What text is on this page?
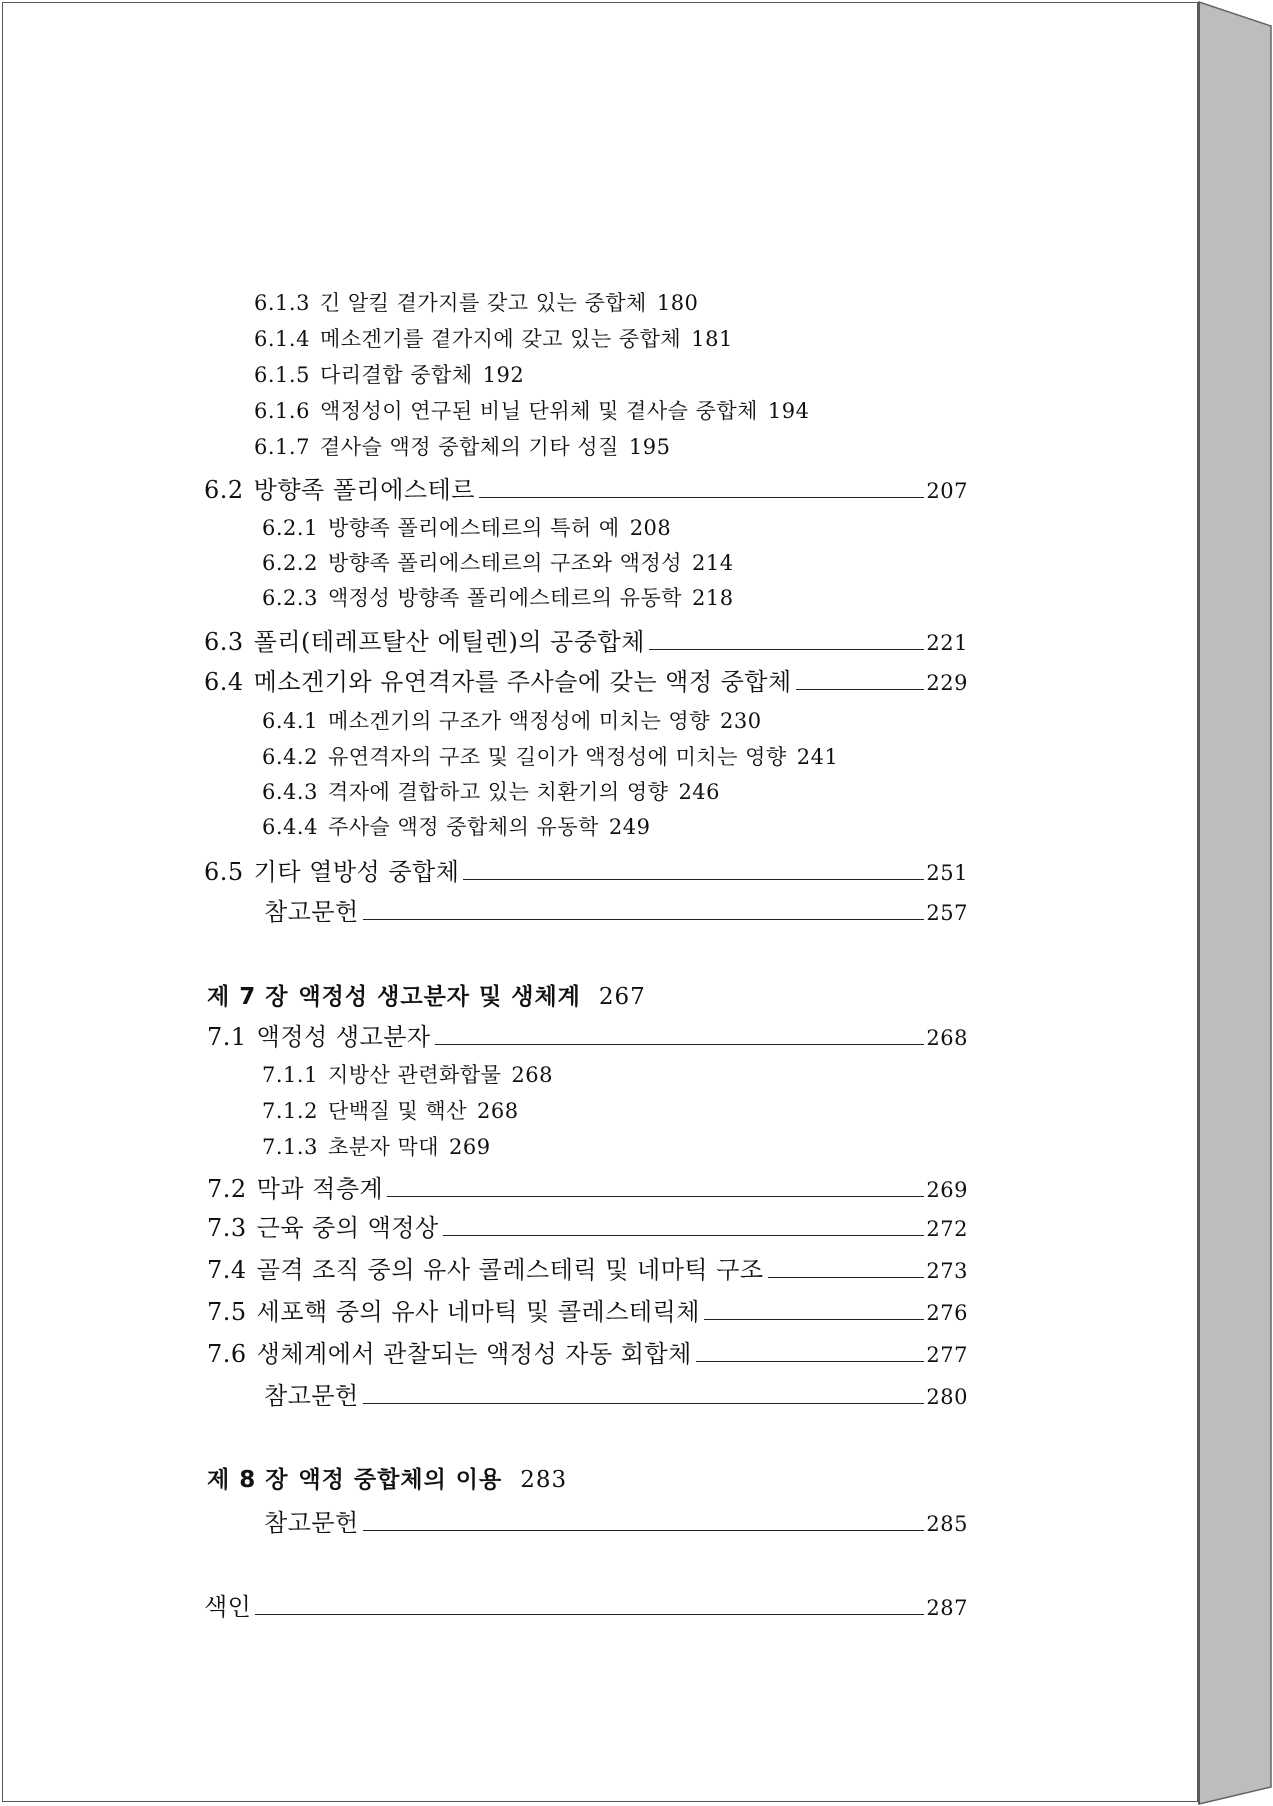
6.1.3 긴 알킬 곁가지를 갖고 있는 중합체 180
6.1.4 메소겐기를 곁가지에 갖고 있는 중합체 181
6.1.5 다리결합 중합체 192
6.1.6 액정성이 연구된 비닐 단위체 및 곁사슬 중합체 194
6.1.7 곁사슬 액정 중합체의 기타 성질 195
6.2 방향족 폴리에스테르	207
6.2.1 방향족 폴리에스테르의 특허 예 208
6.2.2 방향족 폴리에스테르의 구조와 액정성 214
6.2.3 액정성 방향족 폴리에스테르의 유동학 218
6.3 폴리(테레프탈산 에틸렌)의 공중합체	221
6.4 메소겐기와 유연격자를 주사슬에 갖는 액정 중합체	229
6.4.1 메소겐기의 구조가 액정성에 미치는 영향 230
6.4.2 유연격자의 구조 및 길이가 액정성에 미치는 영향 241
6.4.3 격자에 결합하고 있는 치환기의 영향 246
6.4.4 주사슬 액정 중합체의 유동학 249
6.5 기타 열방성 중합체	251
참고문헌	257
제 7 장 액정성 생고분자 및 생체계 267
7.1 액정성 생고분자	268
7.1.1 지방산 관련화합물 268
7.1.2 단백질 및 핵산 268
7.1.3 초분자 막대 269
7.2 막과 적층계	269
7.3 근육 중의 액정상	272
7.4 골격 조직 중의 유사 콜레스테릭 및 네마틱 구조	273
7.5 세포핵 중의 유사 네마틱 및 콜레스테릭체	276
7.6 생체계에서 관찰되는 액정성 자동 회합체	277
참고문헌	280
제 8 장 액정 중합체의 이용 283
참고문헌	285
색인	287
